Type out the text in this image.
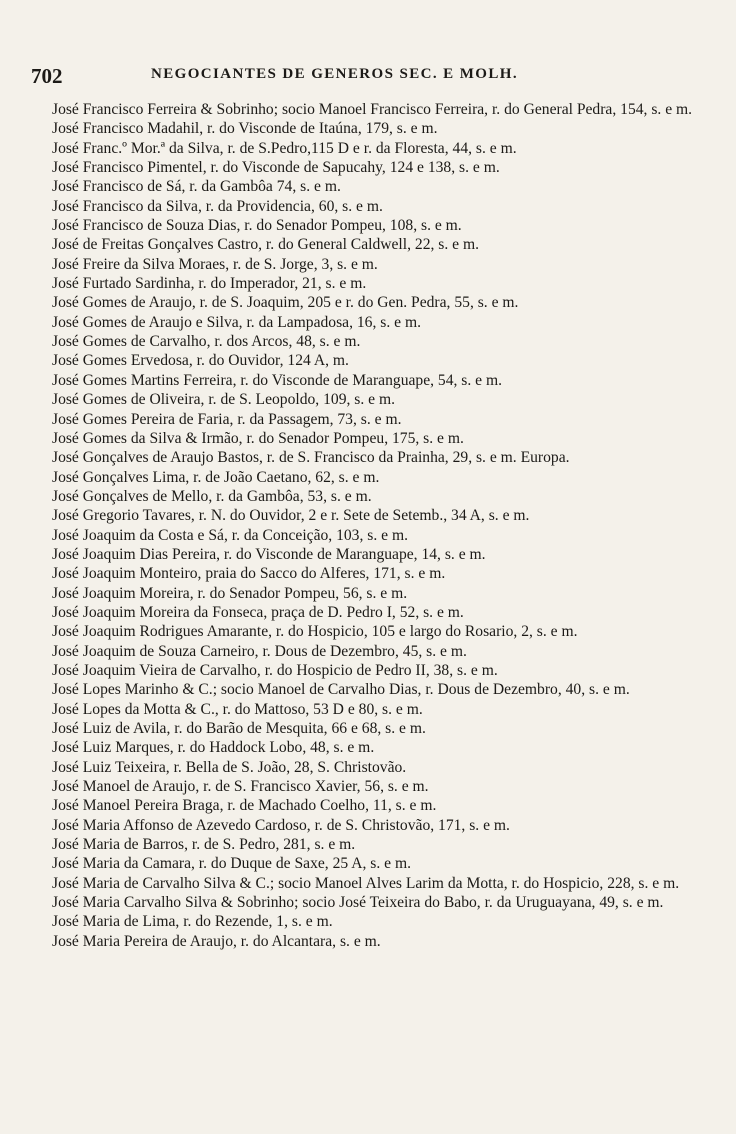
702	NEGOCIANTES DE GENEROS SEC. E MOLH.

José Francisco Ferreira & Sobrinho; socio Manoel Francisco Ferreira, r. do General Pedra, 154, s. e m.

José Francisco Madahil, r. do Visconde de Itaúna, 179, s. e m.

José Franc.º Mor.ª da Silva, r. de S.Pedro,115 D e r. da Floresta, 44, s. e m.

José Francisco Pimentel, r. do Visconde de Sapucahy, 124 e 138, s. e m.

José Francisco de Sá, r. da Gambôa 74, s. e m.

José Francisco da Silva, r. da Providencia, 60, s. e m.

José Francisco de Souza Dias, r. do Senador Pompeu, 108, s. e m.

José de Freitas Gonçalves Castro, r. do General Caldwell, 22, s. e m.

José Freire da Silva Moraes, r. de S. Jorge, 3, s. e m.

José Furtado Sardinha, r. do Imperador, 21, s. e m.

José Gomes de Araujo, r. de S. Joaquim, 205 e r. do Gen. Pedra, 55, s. e m.

José Gomes de Araujo e Silva, r. da Lampadosa, 16, s. e m.

José Gomes de Carvalho, r. dos Arcos, 48, s. e m.

José Gomes Ervedosa, r. do Ouvidor, 124 A, m.

José Gomes Martins Ferreira, r. do Visconde de Maranguape, 54, s. e m.

José Gomes de Oliveira, r. de S. Leopoldo, 109, s. e m.

José Gomes Pereira de Faria, r. da Passagem, 73, s. e m.

José Gomes da Silva & Irmão, r. do Senador Pompeu, 175, s. e m.

José Gonçalves de Araujo Bastos, r. de S. Francisco da Prainha, 29, s. e m. Europa.

José Gonçalves Lima, r. de João Caetano, 62, s. e m.

José Gonçalves de Mello, r. da Gambôa, 53, s. e m.

José Gregorio Tavares, r. N. do Ouvidor, 2 e r. Sete de Setemb., 34 A, s. e m.

José Joaquim da Costa e Sá, r. da Conceição, 103, s. e m.

José Joaquim Dias Pereira, r. do Visconde de Maranguape, 14, s. e m.

José Joaquim Monteiro, praia do Sacco do Alferes, 171, s. e m.

José Joaquim Moreira, r. do Senador Pompeu, 56, s. e m.

José Joaquim Moreira da Fonseca, praça de D. Pedro I, 52, s. e m.

José Joaquim Rodrigues Amarante, r. do Hospicio, 105 e largo do Rosario, 2, s. e m.

José Joaquim de Souza Carneiro, r. Dous de Dezembro, 45, s. e m.

José Joaquim Vieira de Carvalho, r. do Hospicio de Pedro II, 38, s. e m.

José Lopes Marinho & C.; socio Manoel de Carvalho Dias, r. Dous de Dezembro, 40, s. e m.

José Lopes da Motta & C., r. do Mattoso, 53 D e 80, s. e m.

José Luiz de Avila, r. do Barão de Mesquita, 66 e 68, s. e m.

José Luiz Marques, r. do Haddock Lobo, 48, s. e m.

José Luiz Teixeira, r. Bella de S. João, 28, S. Christovão.

José Manoel de Araujo, r. de S. Francisco Xavier, 56, s. e m.

José Manoel Pereira Braga, r. de Machado Coelho, 11, s. e m.

José Maria Affonso de Azevedo Cardoso, r. de S. Christovão, 171, s. e m.

José Maria de Barros, r. de S. Pedro, 281, s. e m.

José Maria da Camara, r. do Duque de Saxe, 25 A, s. e m.

José Maria de Carvalho Silva & C.; socio Manoel Alves Larim da Motta, r. do Hospicio, 228, s. e m.

José Maria Carvalho Silva & Sobrinho; socio José Teixeira do Babo, r. da Uruguayana, 49, s. e m.

José Maria de Lima, r. do Rezende, 1, s. e m.

José Maria Pereira de Araujo, r. do Alcantara, s. e m.
